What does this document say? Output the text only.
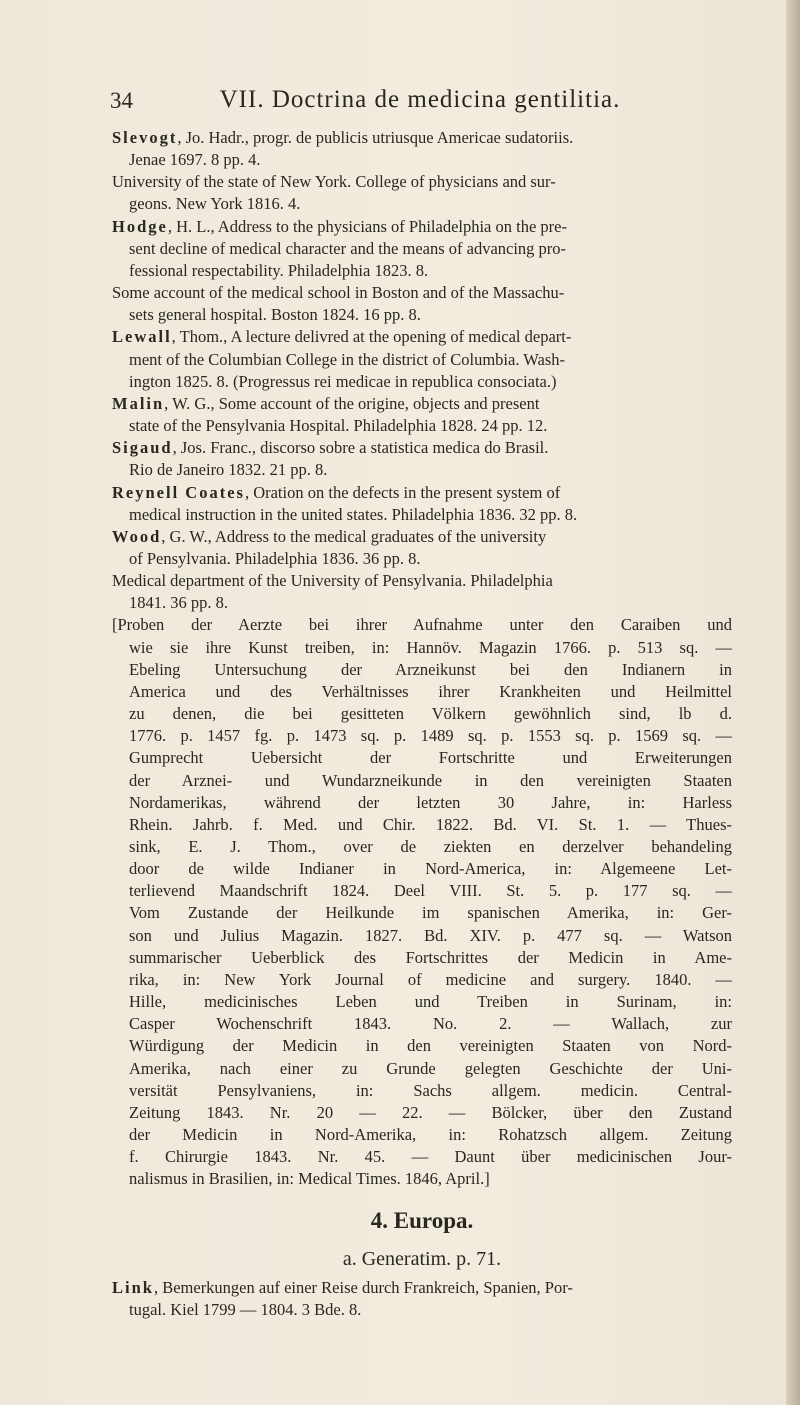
34	VII. Doctrina de medicina gentilitia.
Slevogt, Jo. Hadr., progr. de publicis utriusque Americae sudatoriis.
Jenae 1697. 8 pp. 4.
University of the state of New York. College of physicians and sur-
geons. New York 1816. 4.
Hodge, H. L., Address to the physicians of Philadelphia on the pre-
sent decline of medical character and the means of advancing pro-
fessional respectability. Philadelphia 1823. 8.
Some account of the medical school in Boston and of the Massachu-
sets general hospital. Boston 1824. 16 pp. 8.
Lewall, Thom., A lecture delivred at the opening of medical depart-
ment of the Columbian College in the district of Columbia. Wash-
ington 1825. 8. (Progressus rei medicae in republica consociata.)
Malin, W. G., Some account of the origine, objects and present
state of the Pensylvania Hospital. Philadelphia 1828. 24 pp. 12.
Sigaud, Jos. Franc., discorso sobre a statistica medica do Brasil.
Rio de Janeiro 1832. 21 pp. 8.
Reynell Coates, Oration on the defects in the present system of
medical instruction in the united states. Philadelphia 1836. 32 pp. 8.
Wood, G. W., Address to the medical graduates of the university
of Pensylvania. Philadelphia 1836. 36 pp. 8.
Medical department of the University of Pensylvania. Philadelphia
1841. 36 pp. 8.
[Proben der Aerzte bei ihrer Aufnahme unter den Caraiben und
wie sie ihre Kunst treiben, in: Hannöv. Magazin 1766. p. 513 sq. —
Ebeling Untersuchung der Arzneikunst bei den Indianern in
America und des Verhältnisses ihrer Krankheiten und Heilmittel
zu denen, die bei gesitteten Völkern gewöhnlich sind, lb d.
1776. p. 1457 fg. p. 1473 sq. p. 1489 sq. p. 1553 sq. p. 1569 sq. —
Gumprecht Uebersicht der Fortschritte und Erweiterungen
der Arznei- und Wundarzneikunde in den vereinigten Staaten
Nordamerikas, während der letzten 30 Jahre, in: Harless
Rhein. Jahrb. f. Med. und Chir. 1822. Bd. VI. St. 1. — Thues-
sink, E. J. Thom., over de ziekten en derzelver behandeling
door de wilde Indianer in Nord-America, in: Algemeene Let-
terlievend Maandschrift 1824. Deel VIII. St. 5. p. 177 sq. —
Vom Zustande der Heilkunde im spanischen Amerika, in: Ger-
son und Julius Magazin. 1827. Bd. XIV. p. 477 sq. — Watson
summarischer Ueberblick des Fortschrittes der Medicin in Ame-
rika, in: New York Journal of medicine and surgery. 1840. —
Hille, medicinisches Leben und Treiben in Surinam, in:
Casper Wochenschrift 1843. No. 2. — Wallach, zur
Würdigung der Medicin in den vereinigten Staaten von Nord-
Amerika, nach einer zu Grunde gelegten Geschichte der Uni-
versität Pensylvaniens, in: Sachs allgem. medicin. Central-
Zeitung 1843. Nr. 20 — 22. — Bölcker, über den Zustand
der Medicin in Nord-Amerika, in: Rohatzsch allgem. Zeitung
f. Chirurgie 1843. Nr. 45. — Daunt über medicinischen Jour-
nalismus in Brasilien, in: Medical Times. 1846, April.]
4. Europa.
a. Generatim. p. 71.
Link, Bemerkungen auf einer Reise durch Frankreich, Spanien, Por-
tugal. Kiel 1799 — 1804. 3 Bde. 8.
